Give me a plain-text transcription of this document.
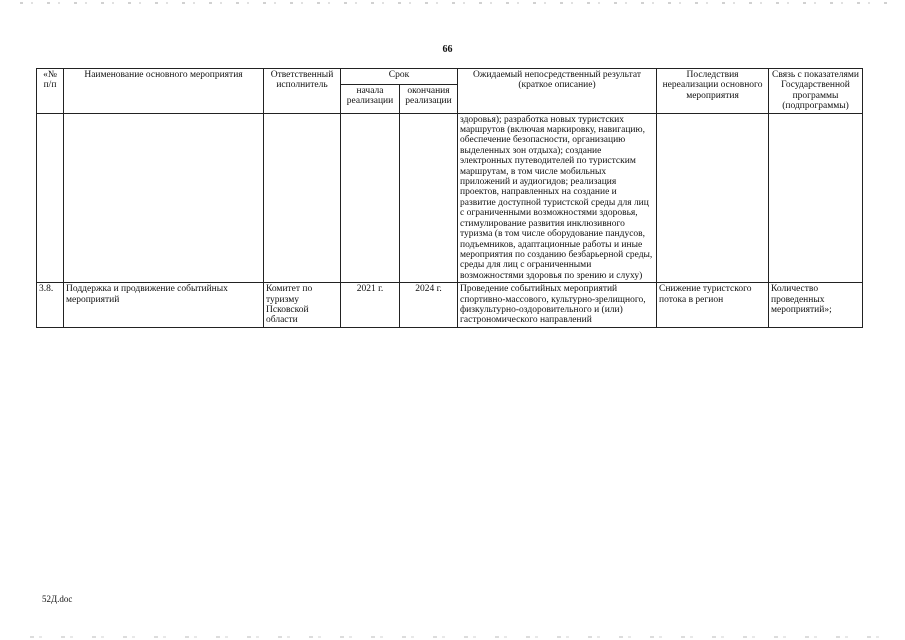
66
«№ п/п	Наименование основного мероприятия	Ответственный исполнитель	Срок		Ожидаемый непосредственный результат (краткое описание)	Последствия нереализации основного мероприятия	Связь с показателями Государственной программы (подпрограммы)
			начала реализации	окончания реализации			
					здоровья); разработка новых туристских маршрутов (включая маркировку, навигацию, обеспечение безопасности, организацию выделенных зон отдыха); создание электронных путеводителей по туристским маршрутам, в том числе мобильных приложений и аудиогидов; реализация проектов, направленных на создание и развитие доступной туристской среды для лиц с ограниченными возможностями здоровья, стимулирование развития инклюзивного туризма (в том числе оборудование пандусов, подъемников, адаптационные работы и иные мероприятия по созданию безбарьерной среды, среды для лиц с ограниченными возможностями здоровья по зрению и слуху)		
3.8.	Поддержка и продвижение событийных мероприятий	Комитет по туризму Псковской области	2021 г.	2024 г.	Проведение событийных мероприятий спортивно-массового, культурно-зрелищного, физкультурно-оздоровительного и (или) гастрономического направлений	Снижение туристского потока в регион	Количество проведенных мероприятий»;
52Д.doc
